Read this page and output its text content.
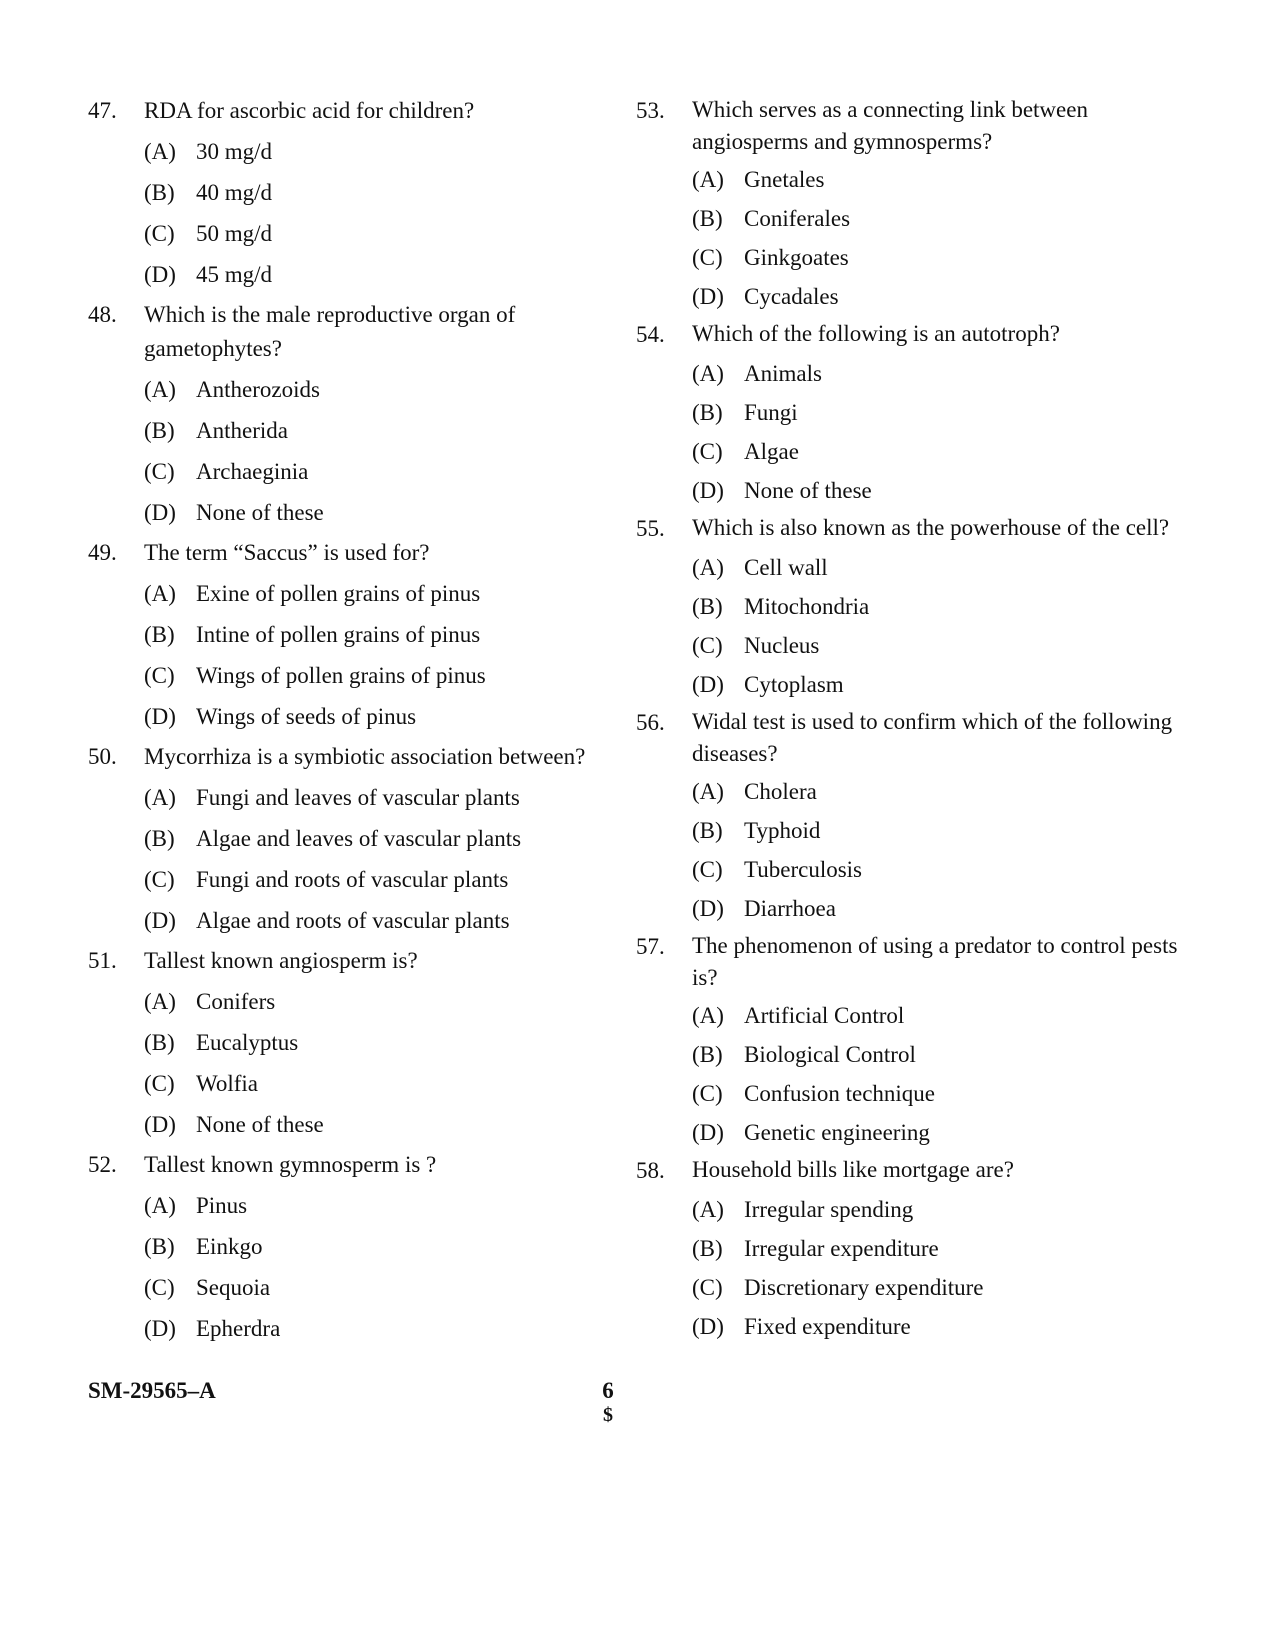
47.	RDA for ascorbic acid for children?
(A) 30 mg/d
(B) 40 mg/d
(C) 50 mg/d
(D) 45 mg/d
48.	Which is the male reproductive organ of gametophytes?
(A) Antherozoids
(B) Antherida
(C) Archaeginia
(D) None of these
49.	The term “Saccus” is used for?
(A) Exine of pollen grains of pinus
(B) Intine of pollen grains of pinus
(C) Wings of pollen grains of pinus
(D) Wings of seeds of pinus
50.	Mycorrhiza is a symbiotic association between?
(A) Fungi and leaves of vascular plants
(B) Algae and leaves of vascular plants
(C) Fungi and roots of vascular plants
(D) Algae and roots of vascular plants
51.	Tallest known angiosperm is?
(A) Conifers
(B) Eucalyptus
(C) Wolfia
(D) None of these
52.	Tallest known gymnosperm is ?
(A) Pinus
(B) Einkgo
(C) Sequoia
(D) Epherdra
53.	Which serves as a connecting link between angiosperms and gymnosperms?
(A) Gnetales
(B) Coniferales
(C) Ginkgoates
(D) Cycadales
54.	Which of the following is an autotroph?
(A) Animals
(B) Fungi
(C) Algae
(D) None of these
55.	Which is also known as the powerhouse of the cell?
(A) Cell wall
(B) Mitochondria
(C) Nucleus
(D) Cytoplasm
56.	Widal test is used to confirm which of the following diseases?
(A) Cholera
(B) Typhoid
(C) Tuberculosis
(D) Diarrhoea
57.	The phenomenon of using a predator to control pests is?
(A) Artificial Control
(B) Biological Control
(C) Confusion technique
(D) Genetic engineering
58.	Household bills like mortgage are?
(A) Irregular spending
(B) Irregular expenditure
(C) Discretionary expenditure
(D) Fixed expenditure
SM-29565–A	6
$
